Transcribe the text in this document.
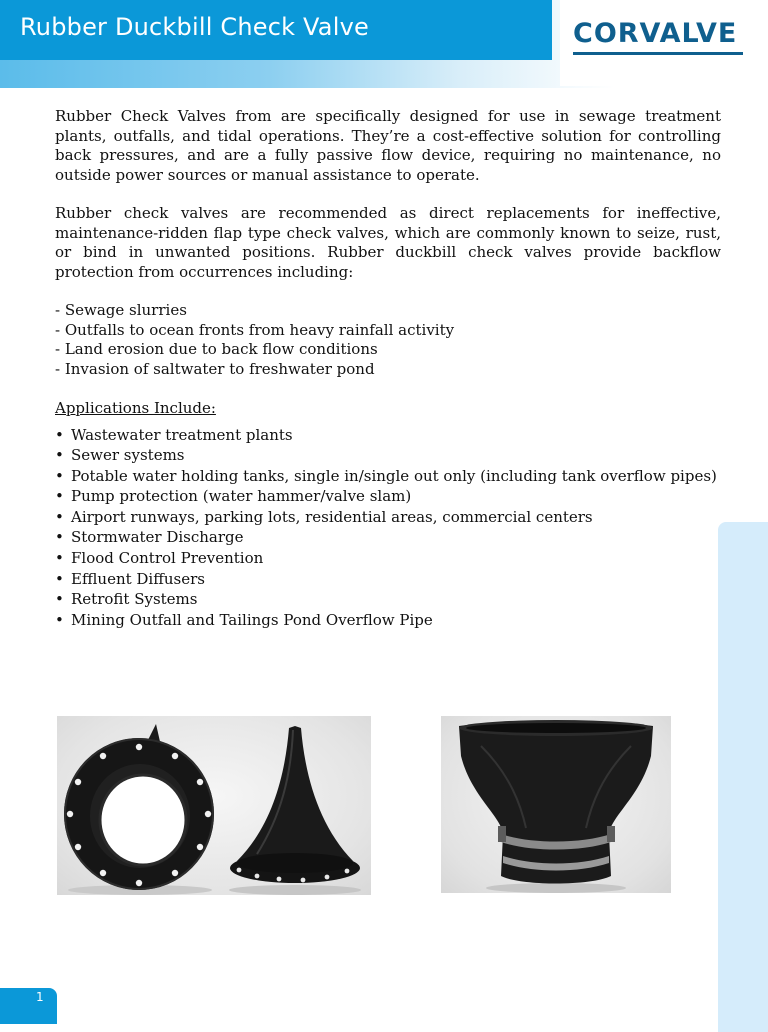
Rubber Duckbill Check Valve	CORVALVE

Rubber Check Valves from are specifically designed for use in sewage treatment plants, outfalls, and tidal operations. They’re a cost-effective solution for controlling back pressures, and are a fully passive flow device, requiring no maintenance, no outside power sources or manual assistance to operate.

Rubber check valves are recommended as direct replacements for ineffective, maintenance-ridden flap type check valves, which are commonly known to seize, rust, or bind in unwanted positions. Rubber duckbill check valves provide backflow protection from occurrences including:

- Sewage slurries
- Outfalls to ocean fronts from heavy rainfall activity
- Land erosion due to back flow conditions
- Invasion of saltwater to freshwater pond

Applications Include:

• Wastewater treatment plants
• Sewer systems
• Potable water holding tanks, single in/single out only (including tank overflow pipes)
• Pump protection (water hammer/valve slam)
• Airport runways, parking lots, residential areas, commercial centers
• Stormwater Discharge
• Flood Control Prevention
• Effluent Diffusers
• Retrofit Systems
• Mining Outfall and Tailings Pond Overflow Pipe
1
